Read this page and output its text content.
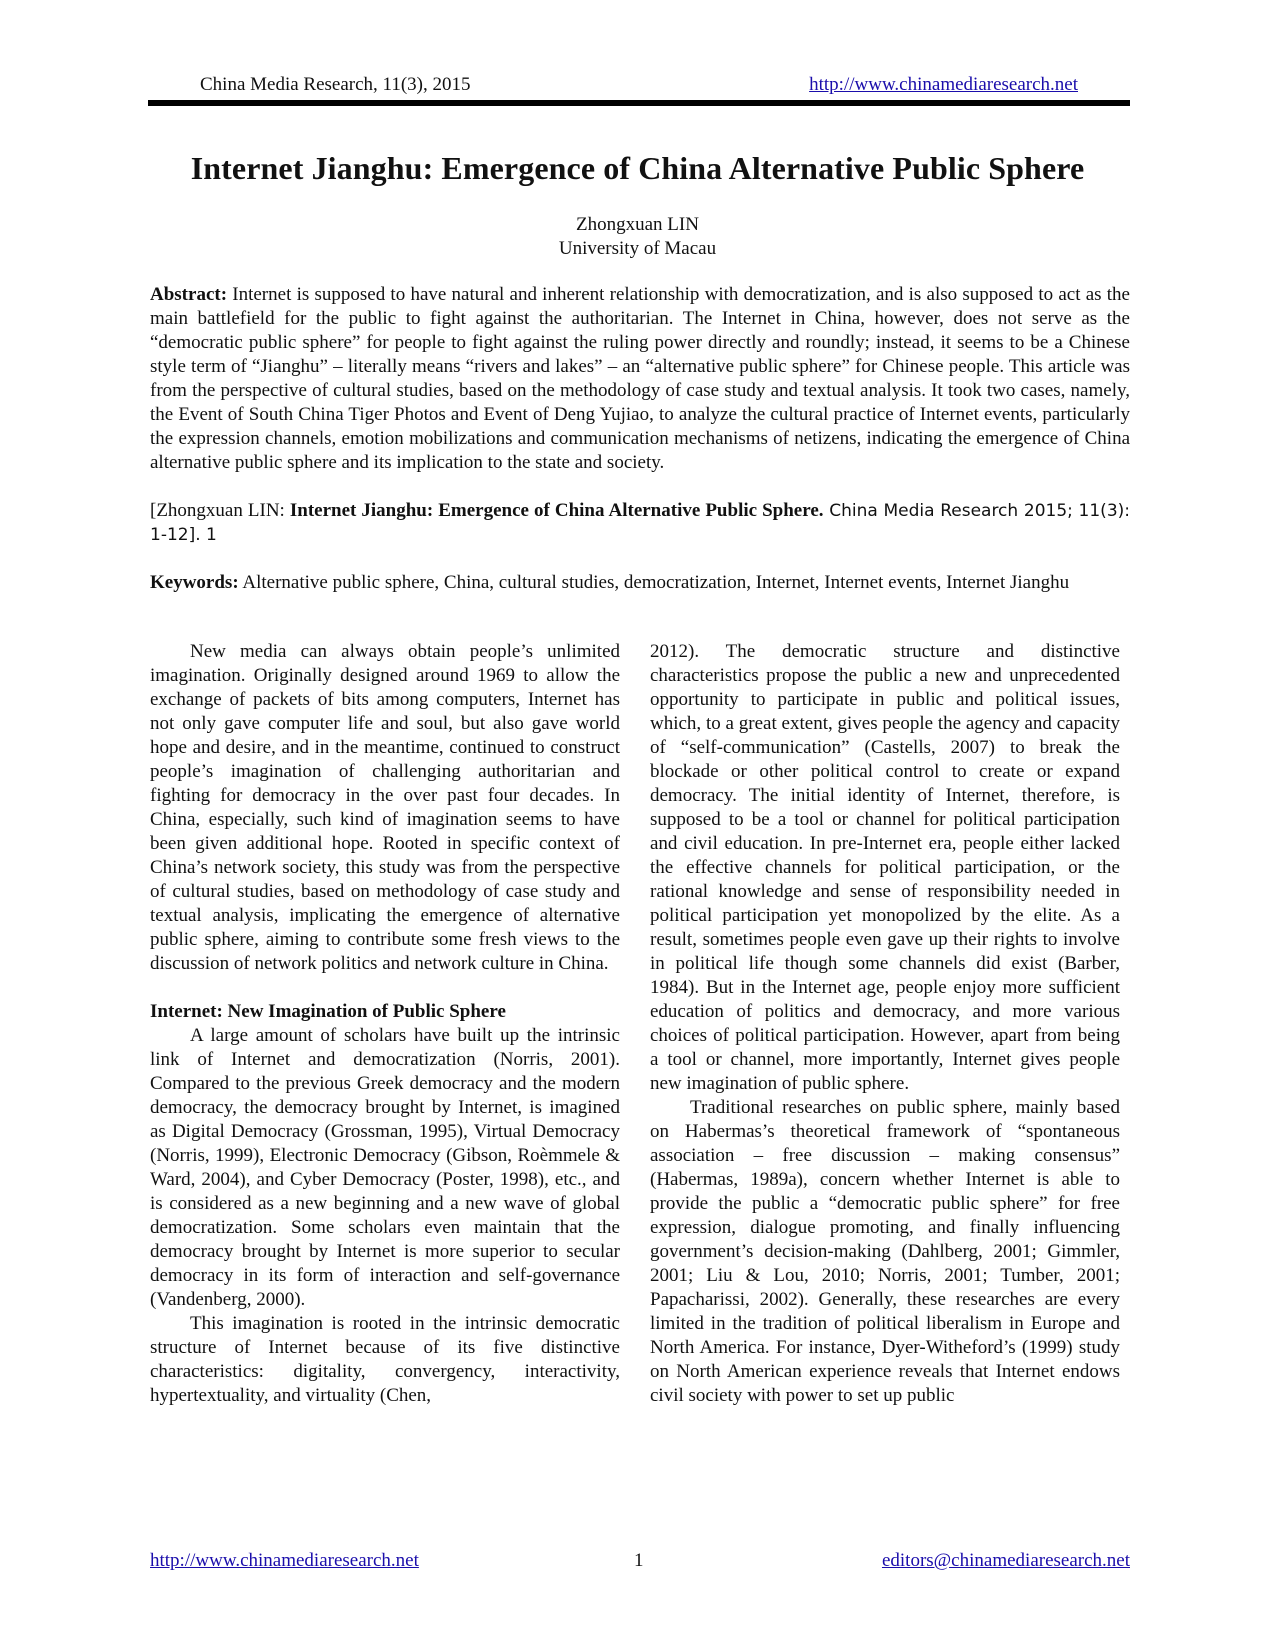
China Media Research, 11(3), 2015	http://www.chinamediaresearch.net
Internet Jianghu: Emergence of China Alternative Public Sphere
Zhongxuan LIN
University of Macau

Abstract: Internet is supposed to have natural and inherent relationship with democratization, and is also supposed to act as the main battlefield for the public to fight against the authoritarian. The Internet in China, however, does not serve as the “democratic public sphere” for people to fight against the ruling power directly and roundly; instead, it seems to be a Chinese style term of “Jianghu” – literally means “rivers and lakes” – an “alternative public sphere” for Chinese people. This article was from the perspective of cultural studies, based on the methodology of case study and textual analysis. It took two cases, namely, the Event of South China Tiger Photos and Event of Deng Yujiao, to analyze the cultural practice of Internet events, particularly the expression channels, emotion mobilizations and communication mechanisms of netizens, indicating the emergence of China alternative public sphere and its implication to the state and society.

[Zhongxuan LIN: Internet Jianghu: Emergence of China Alternative Public Sphere. China Media Research 2015; 11(3): 1-12]. 1
Keywords: Alternative public sphere, China, cultural studies, democratization, Internet, Internet events, Internet Jianghu

New media can always obtain people’s unlimited imagination. Originally designed around 1969 to allow the exchange of packets of bits among computers, Internet has not only gave computer life and soul, but also gave world hope and desire, and in the meantime, continued to construct people’s imagination of challenging authoritarian and fighting for democracy in the over past four decades. In China, especially, such kind of imagination seems to have been given additional hope. Rooted in specific context of China’s network society, this study was from the perspective of cultural studies, based on methodology of case study and textual analysis, implicating the emergence of alternative public sphere, aiming to contribute some fresh views to the discussion of network politics and network culture in China.

Internet: New Imagination of Public Sphere

A large amount of scholars have built up the intrinsic link of Internet and democratization (Norris, 2001). Compared to the previous Greek democracy and the modern democracy, the democracy brought by Internet, is imagined as Digital Democracy (Grossman, 1995), Virtual Democracy (Norris, 1999), Electronic Democracy (Gibson, Roèmmele & Ward, 2004), and Cyber Democracy (Poster, 1998), etc., and is considered as a new beginning and a new wave of global democratization. Some scholars even maintain that the democracy brought by Internet is more superior to secular democracy in its form of interaction and self-governance (Vandenberg, 2000).

This imagination is rooted in the intrinsic democratic structure of Internet because of its five distinctive characteristics: digitality, convergency, interactivity, hypertextuality, and virtuality (Chen,

2012). The democratic structure and distinctive characteristics propose the public a new and unprecedented opportunity to participate in public and political issues, which, to a great extent, gives people the agency and capacity of “self-communication” (Castells, 2007) to break the blockade or other political control to create or expand democracy. The initial identity of Internet, therefore, is supposed to be a tool or channel for political participation and civil education. In pre-Internet era, people either lacked the effective channels for political participation, or the rational knowledge and sense of responsibility needed in political participation yet monopolized by the elite. As a result, sometimes people even gave up their rights to involve in political life though some channels did exist (Barber, 1984). But in the Internet age, people enjoy more sufficient education of politics and democracy, and more various choices of political participation. However, apart from being a tool or channel, more importantly, Internet gives people new imagination of public sphere.

Traditional researches on public sphere, mainly based on Habermas’s theoretical framework of “spontaneous association – free discussion – making consensus” (Habermas, 1989a), concern whether Internet is able to provide the public a “democratic public sphere” for free expression, dialogue promoting, and finally influencing government’s decision-making (Dahlberg, 2001; Gimmler, 2001; Liu & Lou, 2010; Norris, 2001; Tumber, 2001; Papacharissi, 2002). Generally, these researches are every limited in the tradition of political liberalism in Europe and North America. For instance, Dyer-Witheford’s (1999) study on North American experience reveals that Internet endows civil society with power to set up public

http://www.chinamediaresearch.net	1	editors@chinamediaresearch.net
